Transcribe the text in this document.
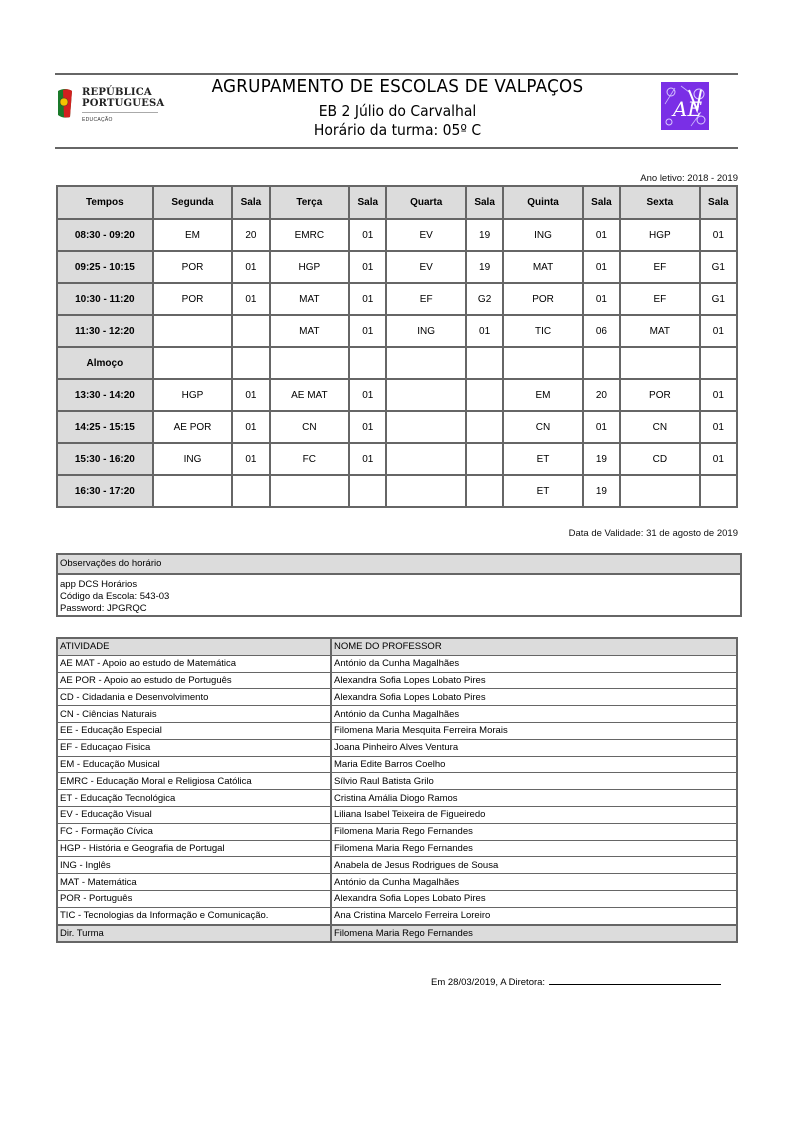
REPÚBLICA
PORTUGUESA
EDUCAÇÃO
AGRUPAMENTO DE ESCOLAS DE VALPAÇOS
EB 2 Júlio do Carvalhal
Horário da turma: 05º C
AE
Ano letivo: 2018 - 2019
Tempos	Segunda	Sala	Terça	Sala	Quarta	Sala	Quinta	Sala	Sexta	Sala
08:30 - 09:20	EM	20	EMRC	01	EV	19	ING	01	HGP	01
09:25 - 10:15	POR	01	HGP	01	EV	19	MAT	01	EF	G1
10:30 - 11:20	POR	01	MAT	01	EF	G2	POR	01	EF	G1
11:30 - 12:20			MAT	01	ING	01	TIC	06	MAT	01
Almoço										
13:30 - 14:20	HGP	01	AE MAT	01			EM	20	POR	01
14:25 - 15:15	AE POR	01	CN	01			CN	01	CN	01
15:30 - 16:20	ING	01	FC	01			ET	19	CD	01
16:30 - 17:20							ET	19		
Data de Validade: 31 de agosto de 2019
Observações do horário
app DCS Horários
Código da Escola: 543-03
Password: JPGRQC
ATIVIDADE	NOME DO PROFESSOR
AE MAT - Apoio ao estudo de Matemática	António da Cunha Magalhães
AE POR - Apoio ao estudo de Português	Alexandra Sofia Lopes Lobato Pires
CD - Cidadania e Desenvolvimento	Alexandra Sofia Lopes Lobato Pires
CN - Ciências Naturais	António da Cunha Magalhães
EE - Educação Especial	Filomena Maria Mesquita Ferreira Morais
EF - Educaçao Fisica	Joana Pinheiro Alves Ventura
EM - Educação Musical	Maria Edite Barros Coelho
EMRC - Educação Moral e Religiosa Católica	Sílvio Raul Batista Grilo
ET - Educação Tecnológica	Cristina Amália Diogo Ramos
EV - Educação Visual	Liliana Isabel Teixeira de Figueiredo
FC - Formação Cívica	Filomena Maria Rego Fernandes
HGP - História e Geografia de Portugal	Filomena Maria Rego Fernandes
ING - Inglês	Anabela de Jesus Rodrigues de Sousa
MAT - Matemática	António da Cunha Magalhães
POR - Português	Alexandra Sofia Lopes Lobato Pires
TIC - Tecnologias da Informação e Comunicação.	Ana Cristina Marcelo Ferreira Loreiro
Dir. Turma	Filomena Maria Rego Fernandes
Em 28/03/2019, A Diretora:
